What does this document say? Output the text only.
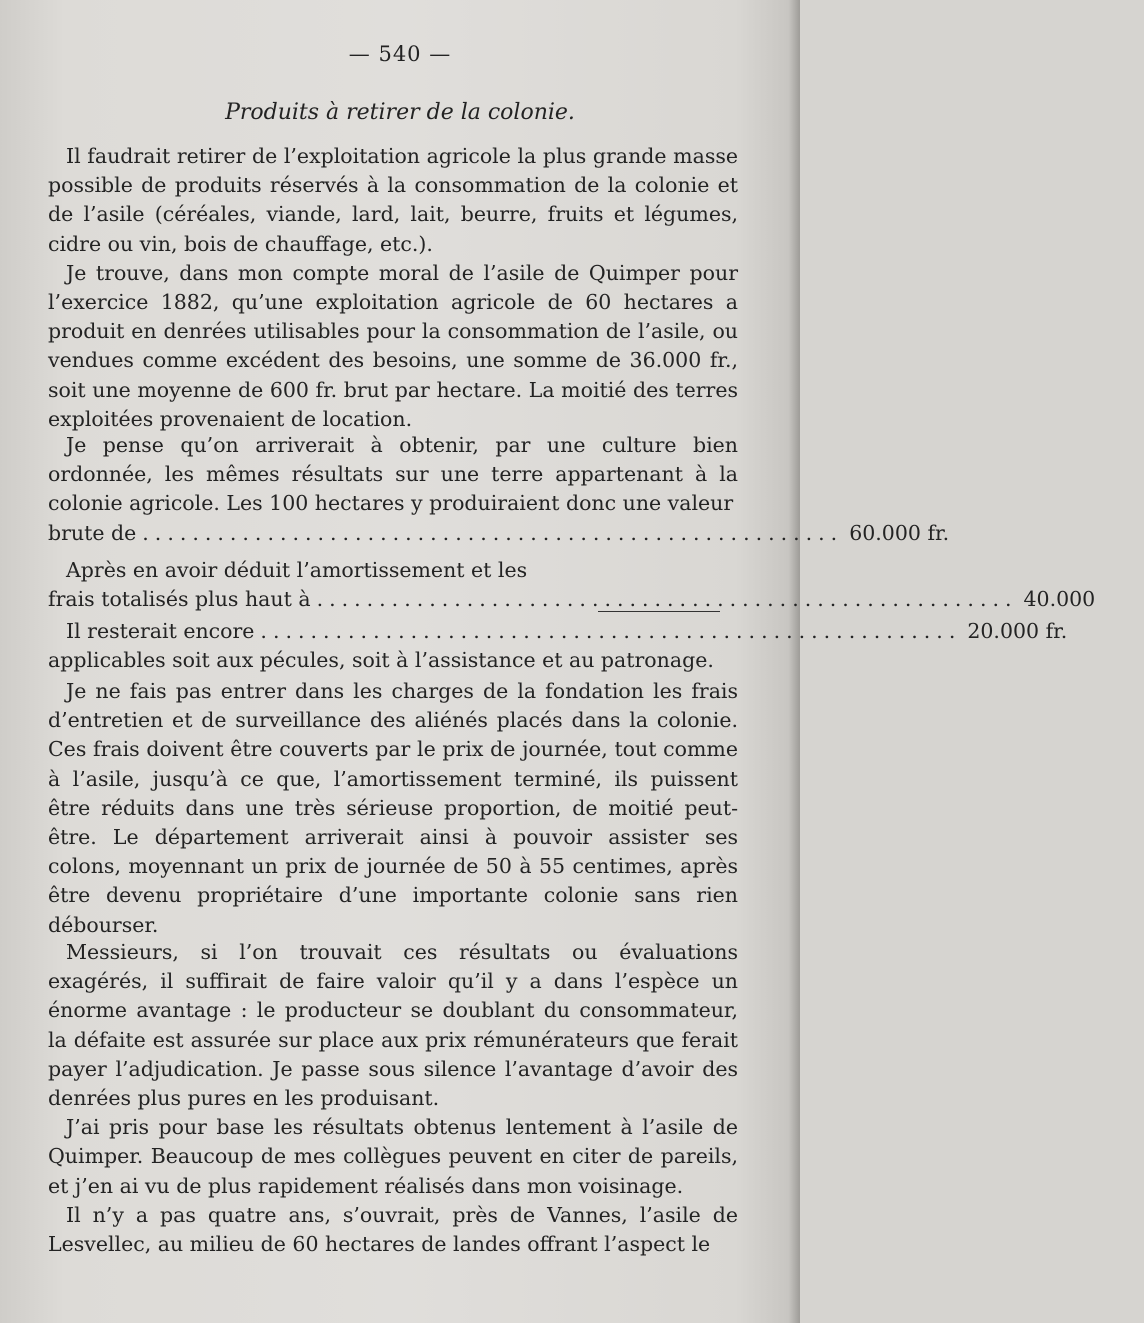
— 540 —
Produits à retirer de la colonie.

Il faudrait retirer de l’exploitation agricole la plus grande masse possible de produits réservés à la consommation de la colonie et de l’asile (céréales, viande, lard, lait, beurre, fruits et légumes, cidre ou vin, bois de chauffage, etc.).

Je trouve, dans mon compte moral de l’asile de Quimper pour l’exercice 1882, qu’une exploitation agricole de 60 hectares a produit en denrées utilisables pour la consommation de l’asile, ou vendues comme excédent des besoins, une somme de 36.000 fr., soit une moyenne de 600 fr. brut par hectare. La moitié des terres exploitées provenaient de location.

Je pense qu’on arriverait à obtenir, par une culture bien ordonnée, les mêmes résultats sur une terre appartenant à la colonie agricole. Les 100 hectares y produiraient donc une valeur

brute de ........................................................ 60.000 fr.

Après en avoir déduit l’amortissement et les

frais totalisés plus haut à ........................................................ 40.000
Il resterait encore ........................................................ 20.000 fr.

applicables soit aux pécules, soit à l’assistance et au patronage.

Je ne fais pas entrer dans les charges de la fondation les frais d’entretien et de surveillance des aliénés placés dans la colonie. Ces frais doivent être couverts par le prix de journée, tout comme à l’asile, jusqu’à ce que, l’amortissement terminé, ils puissent être réduits dans une très sérieuse proportion, de moitié peut-être. Le département arriverait ainsi à pouvoir assister ses colons, moyennant un prix de journée de 50 à 55 centimes, après être devenu propriétaire d’une importante colonie sans rien débourser.

Messieurs, si l’on trouvait ces résultats ou évaluations exagérés, il suffirait de faire valoir qu’il y a dans l’espèce un énorme avantage : le producteur se doublant du consommateur, la défaite est assurée sur place aux prix rémunérateurs que ferait payer l’adjudication. Je passe sous silence l’avantage d’avoir des denrées plus pures en les produisant.

J’ai pris pour base les résultats obtenus lentement à l’asile de Quimper. Beaucoup de mes collègues peuvent en citer de pareils, et j’en ai vu de plus rapidement réalisés dans mon voisinage.

Il n’y a pas quatre ans, s’ouvrait, près de Vannes, l’asile de Lesvellec, au milieu de 60 hectares de landes offrant l’aspect le
